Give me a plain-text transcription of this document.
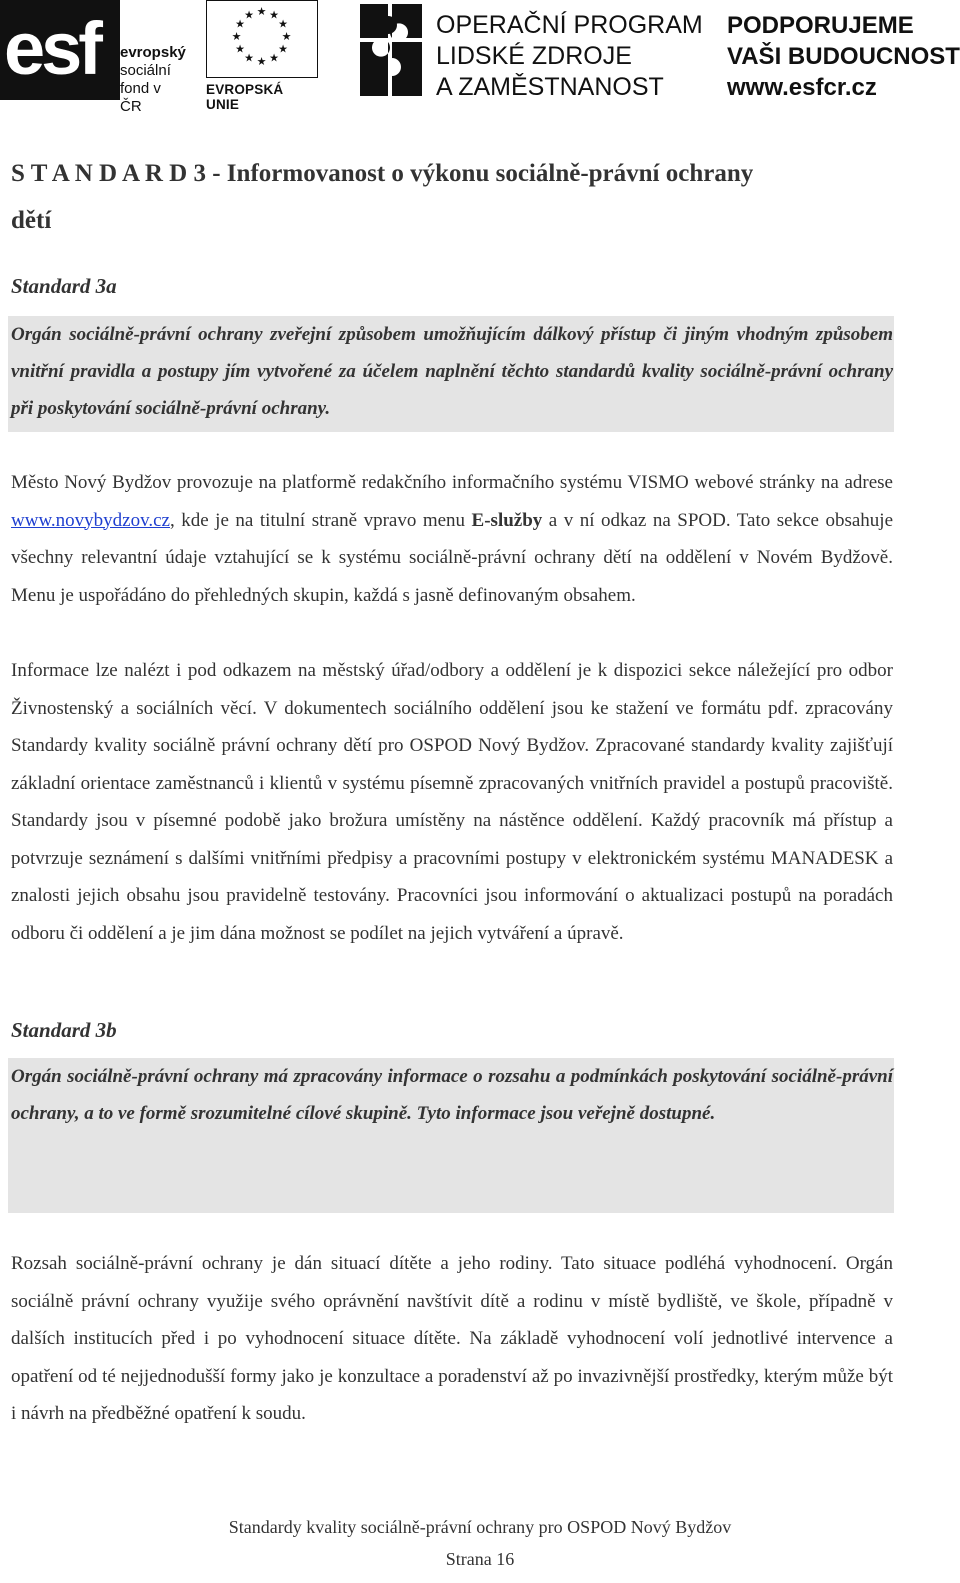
esf evropský
sociální
fond v ČR
★ ★
★
★
★
★
★
★
★
★
★
★
EVROPSKÁ UNIE
OPERAČNÍ PROGRAM
LIDSKÉ ZDROJE
A ZAMĚSTNANOST
PODPORUJEME
VAŠI BUDOUCNOST
www.esfcr.cz
S T A N D A R D 3 - Informovanost o výkonu sociálně-právní ochrany
dětí
Standard 3a
Orgán sociálně-právní ochrany zveřejní způsobem umožňujícím dálkový přístup či jiným vhodným způsobem vnitřní pravidla a postupy jím vytvořené za účelem naplnění těchto standardů kvality sociálně-právní ochrany při poskytování sociálně-právní ochrany.
Město Nový Bydžov provozuje na platformě redakčního informačního systému VISMO webové stránky na adrese www.novybydzov.cz, kde je na titulní straně vpravo menu E-služby a v ní odkaz na SPOD. Tato sekce obsahuje všechny relevantní údaje vztahující se k systému sociálně-právní ochrany dětí na oddělení v Novém Bydžově. Menu je uspořádáno do přehledných skupin, každá s jasně definovaným obsahem.
Informace lze nalézt i pod odkazem na městský úřad/odbory a oddělení je k dispozici sekce náležející pro odbor Živnostenský a sociálních věcí. V dokumentech sociálního oddělení jsou ke stažení ve formátu pdf. zpracovány Standardy kvality sociálně právní ochrany dětí pro OSPOD Nový Bydžov. Zpracované standardy kvality zajišťují základní orientace zaměstnanců i klientů v systému písemně zpracovaných vnitřních pravidel a postupů pracoviště. Standardy jsou v písemné podobě jako brožura umístěny na nástěnce oddělení. Každý pracovník má přístup a potvrzuje seznámení s dalšími vnitřními předpisy a pracovními postupy v elektronickém systému MANADESK a znalosti jejich obsahu jsou pravidelně testovány. Pracovníci jsou informování o aktualizaci postupů na poradách odboru či oddělení a je jim dána možnost se podílet na jejich vytváření a úpravě.
Standard 3b
Orgán sociálně-právní ochrany má zpracovány informace o rozsahu a podmínkách poskytování sociálně-právní ochrany, a to ve formě srozumitelné cílové skupině. Tyto informace jsou veřejně dostupné.
Rozsah sociálně-právní ochrany je dán situací dítěte a jeho rodiny. Tato situace podléhá vyhodnocení. Orgán sociálně právní ochrany využije svého oprávnění navštívit dítě a rodinu v místě bydliště, ve škole, případně v dalších institucích před i po vyhodnocení situace dítěte. Na základě vyhodnocení volí jednotlivé intervence a opatření od té nejjednodušší formy jako je konzultace a poradenství až po invazivnější prostředky, kterým může být i návrh na předběžné opatření k soudu.
Standardy kvality sociálně-právní ochrany pro OSPOD Nový Bydžov
Strana 16
